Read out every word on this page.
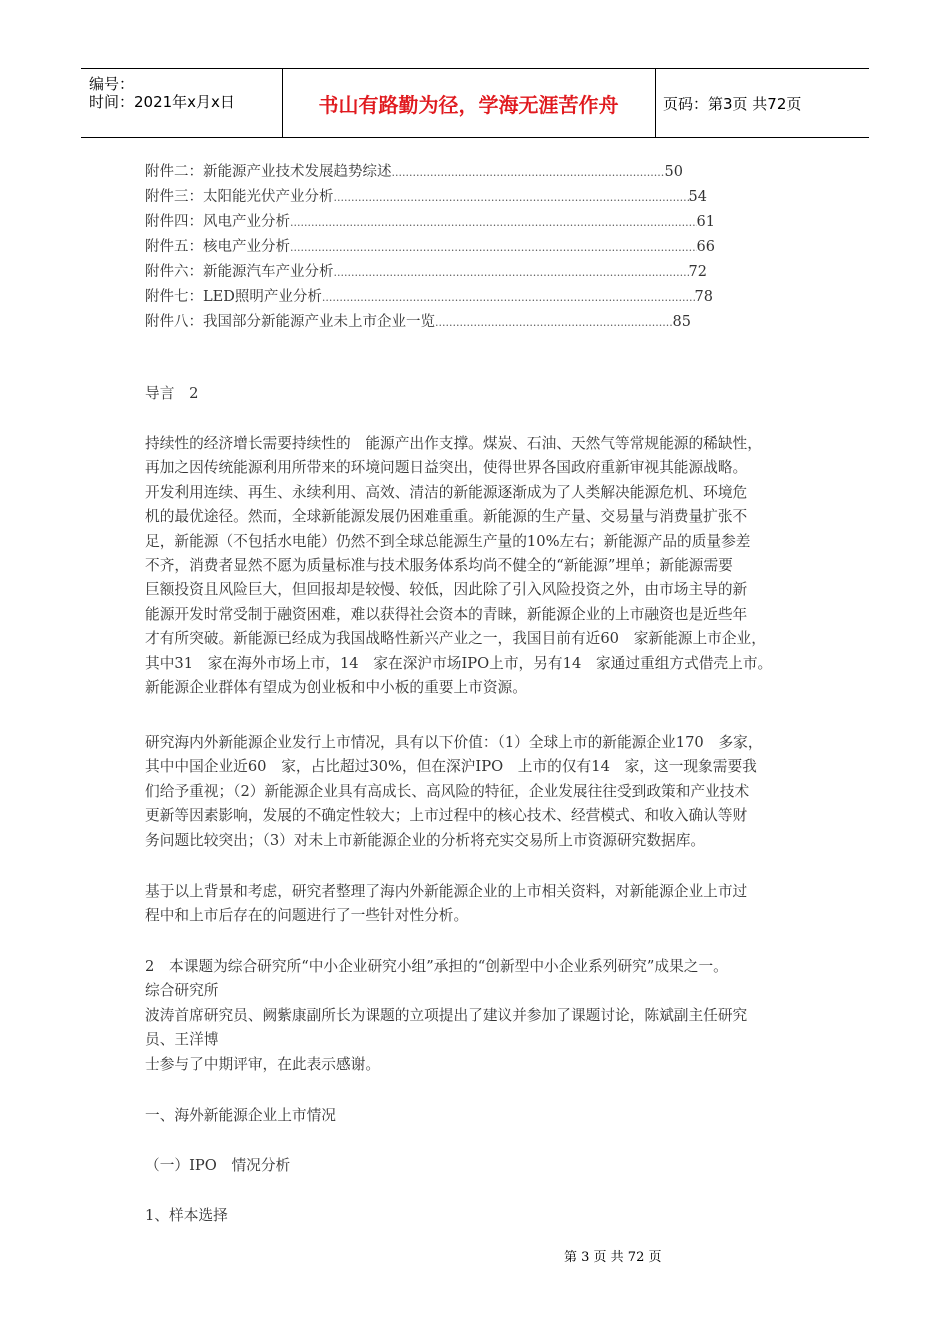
编号：
时间：2021年x月x日	书山有路勤为径，学海无涯苦作舟	页码：第3页 共72页
附件二：新能源产业技术发展趋势综述 .....	50
附件三：太阳能光伏产业分析 .....	54
附件四：风电产业分析 .....	61
附件五：核电产业分析 .....	66
附件六：新能源汽车产业分析 .....	72
附件七：LED照明产业分析 .....	78
附件八：我国部分新能源产业未上市企业一览 .....	85
导言　2

持续性的经济增长需要持续性的　能源产出作支撑。煤炭、石油、天然气等常规能源的稀缺性，

再加之因传统能源利用所带来的环境问题日益突出，使得世界各国政府重新审视其能源战略。

开发利用连续、再生、永续利用、高效、清洁的新能源逐渐成为了人类解决能源危机、环境危

机的最优途径。然而，全球新能源发展仍困难重重。新能源的生产量、交易量与消费量扩张不

足，新能源（不包括水电能）仍然不到全球总能源生产量的10%左右；新能源产品的质量参差

不齐，消费者显然不愿为质量标准与技术服务体系均尚不健全的“新能源”埋单；新能源需要

巨额投资且风险巨大，但回报却是较慢、较低，因此除了引入风险投资之外，由市场主导的新

能源开发时常受制于融资困难，难以获得社会资本的青睐，新能源企业的上市融资也是近些年

才有所突破。新能源已经成为我国战略性新兴产业之一，我国目前有近60　家新能源上市企业，

其中31　家在海外市场上市，14　家在深沪市场IPO上市，另有14　家通过重组方式借壳上市。

新能源企业群体有望成为创业板和中小板的重要上市资源。

研究海内外新能源企业发行上市情况，具有以下价值：（1）全球上市的新能源企业170　多家，

其中中国企业近60　家，占比超过30%，但在深沪IPO　上市的仅有14　家，这一现象需要我

们给予重视；（2）新能源企业具有高成长、高风险的特征，企业发展往往受到政策和产业技术

更新等因素影响，发展的不确定性较大；上市过程中的核心技术、经营模式、和收入确认等财

务问题比较突出；（3）对未上市新能源企业的分析将充实交易所上市资源研究数据库。

基于以上背景和考虑，研究者整理了海内外新能源企业的上市相关资料，对新能源企业上市过

程中和上市后存在的问题进行了一些针对性分析。

2　本课题为综合研究所“中小企业研究小组”承担的“创新型中小企业系列研究”成果之一。

综合研究所

波涛首席研究员、阙紫康副所长为课题的立项提出了建议并参加了课题讨论，陈斌副主任研究

员、王洋博

士参与了中期评审，在此表示感谢。

一、海外新能源企业上市情况
（一）IPO　情况分析
1、样本选择
第 3 页 共 72 页
